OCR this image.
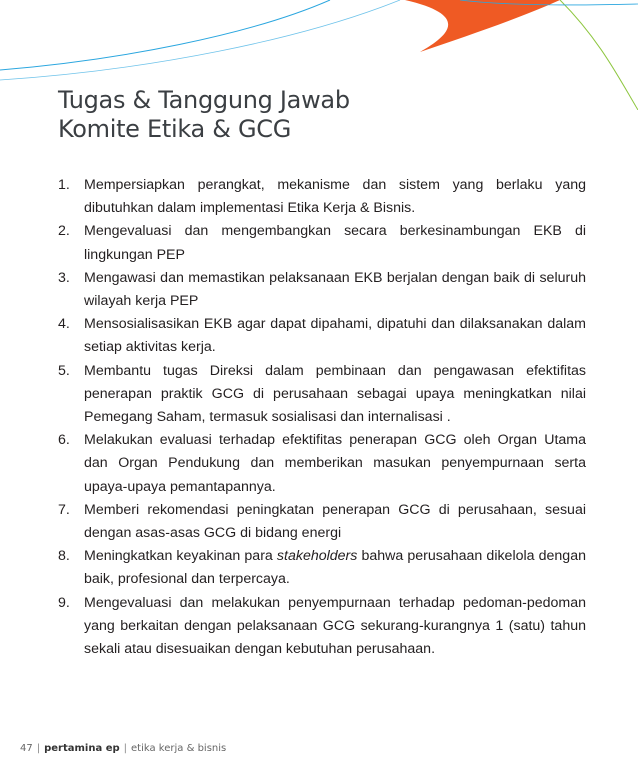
Tugas & Tanggung Jawab
Komite Etika & GCG
1. Mempersiapkan perangkat, mekanisme dan sistem yang berlaku yang dibutuhkan dalam implementasi Etika Kerja & Bisnis.
2. Mengevaluasi dan mengembangkan secara berkesinambungan EKB di lingkungan PEP
3. Mengawasi dan memastikan pelaksanaan EKB berjalan dengan baik di seluruh wilayah kerja PEP
4. Mensosialisasikan EKB agar dapat dipahami, dipatuhi dan dilaksanakan dalam setiap aktivitas kerja.
5. Membantu tugas Direksi dalam pembinaan dan pengawasan efektifitas penerapan praktik GCG di perusahaan sebagai upaya meningkatkan nilai Pemegang Saham, termasuk sosialisasi dan internalisasi .
6. Melakukan evaluasi terhadap efektifitas penerapan GCG oleh Organ Utama dan Organ Pendukung dan memberikan masukan penyempurnaan serta upaya-upaya pemantapannya.
7. Memberi rekomendasi peningkatan penerapan GCG di perusahaan, sesuai dengan asas-asas GCG di bidang energi
8. Meningkatkan keyakinan para stakeholders bahwa perusahaan dikelola dengan baik, profesional dan terpercaya.
9. Mengevaluasi dan melakukan penyempurnaan terhadap pedoman-pedoman yang berkaitan dengan pelaksanaan GCG sekurang-kurangnya 1 (satu) tahun sekali atau disesuaikan dengan kebutuhan perusahaan.
47 | pertamina ep | etika kerja & bisnis
